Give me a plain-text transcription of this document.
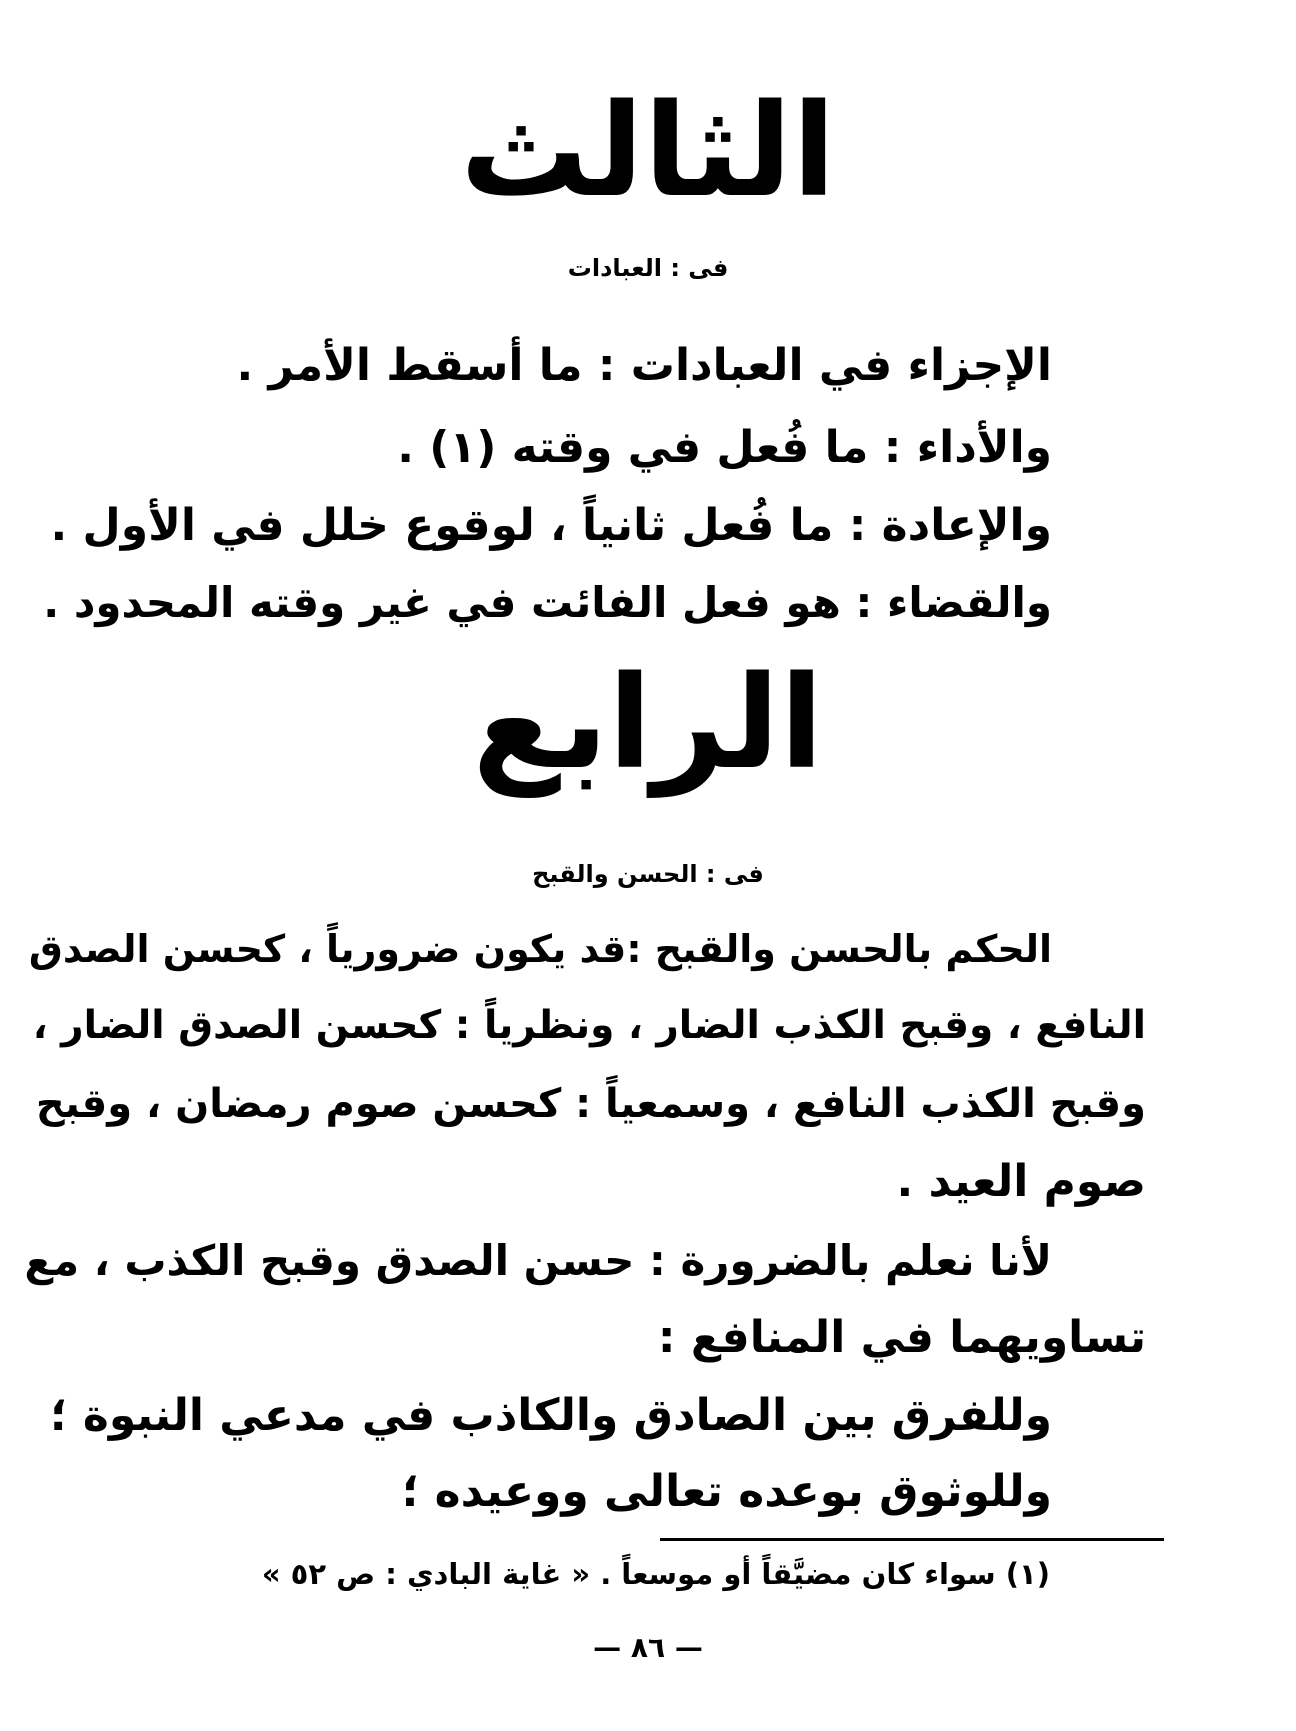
الثالث
فى : العبادات
الإجزاء في العبادات : ما أسقط الأمر .
والأداء : ما فُعل في وقته (١) .
والإعادة : ما فُعل ثانياً ، لوقوع خلل في الأول .
والقضاء : هو فعل الفائت في غير وقته المحدود .
الرابع
فى : الحسن والقبح
الحكم بالحسن والقبح :قد يكون ضرورياً ، كحسن الصدق
النافع ، وقبح الكذب الضار ، ونظرياً : كحسن الصدق الضار ،
وقبح الكذب النافع ، وسمعياً : كحسن صوم رمضان ، وقبح
صوم العيد .
لأنا نعلم بالضرورة : حسن الصدق وقبح الكذب ، مع
تساويهما في المنافع :
وللفرق بين الصادق والكاذب في مدعي النبوة ؛
وللوثوق بوعده تعالى ووعيده ؛
(١) سواء كان مضيَّقاً أو موسعاً . « غاية البادي : ص ٥٢ »
— ٨٦ —
